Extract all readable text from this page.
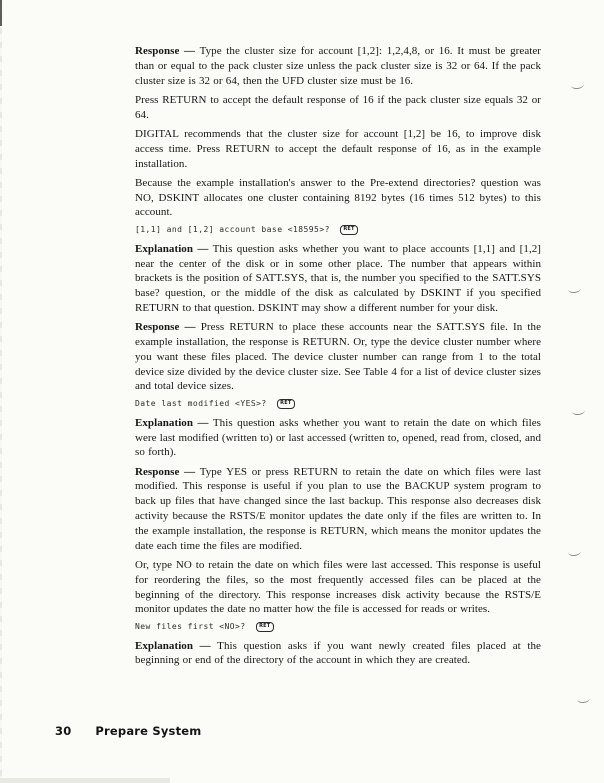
Response — Type the cluster size for account [1,2]: 1,2,4,8, or 16. It must be greater than or equal to the pack cluster size unless the pack cluster size is 32 or 64. If the pack cluster size is 32 or 64, then the UFD cluster size must be 16.

Press RETURN to accept the default response of 16 if the pack cluster size equals 32 or 64.

DIGITAL recommends that the cluster size for account [1,2] be 16, to improve disk access time. Press RETURN to accept the default response of 16, as in the example installation.

Because the example installation's answer to the Pre-extend directories? question was NO, DSKINT allocates one cluster containing 8192 bytes (16 times 512 bytes) to this account.

[1,1] and [1,2] account base <18595>?	RET

Explanation — This question asks whether you want to place accounts [1,1] and [1,2] near the center of the disk or in some other place. The number that appears within brackets is the position of SATT.SYS, that is, the number you specified to the SATT.SYS base? question, or the middle of the disk as calculated by DSKINT if you specified RETURN to that question. DSKINT may show a different number for your disk.

Response — Press RETURN to place these accounts near the SATT.SYS file. In the example installation, the response is RETURN. Or, type the device cluster number where you want these files placed. The device cluster number can range from 1 to the total device size divided by the device cluster size. See Table 4 for a list of device cluster sizes and total device sizes.

Date last modified <YES>?	RET

Explanation — This question asks whether you want to retain the date on which files were last modified (written to) or last accessed (written to, opened, read from, closed, and so forth).

Response — Type YES or press RETURN to retain the date on which files were last modified. This response is useful if you plan to use the BACKUP system program to back up files that have changed since the last backup. This response also decreases disk activity because the RSTS/E monitor updates the date only if the files are written to. In the example installation, the response is RETURN, which means the monitor updates the date each time the files are modified.

Or, type NO to retain the date on which files were last accessed. This response is useful for reordering the files, so the most frequently accessed files can be placed at the beginning of the directory. This response increases disk activity because the RSTS/E monitor updates the date no matter how the file is accessed for reads or writes.

New files first <NO>?	RET

Explanation — This question asks if you want newly created files placed at the beginning or end of the directory of the account in which they are created.

30 Prepare System
